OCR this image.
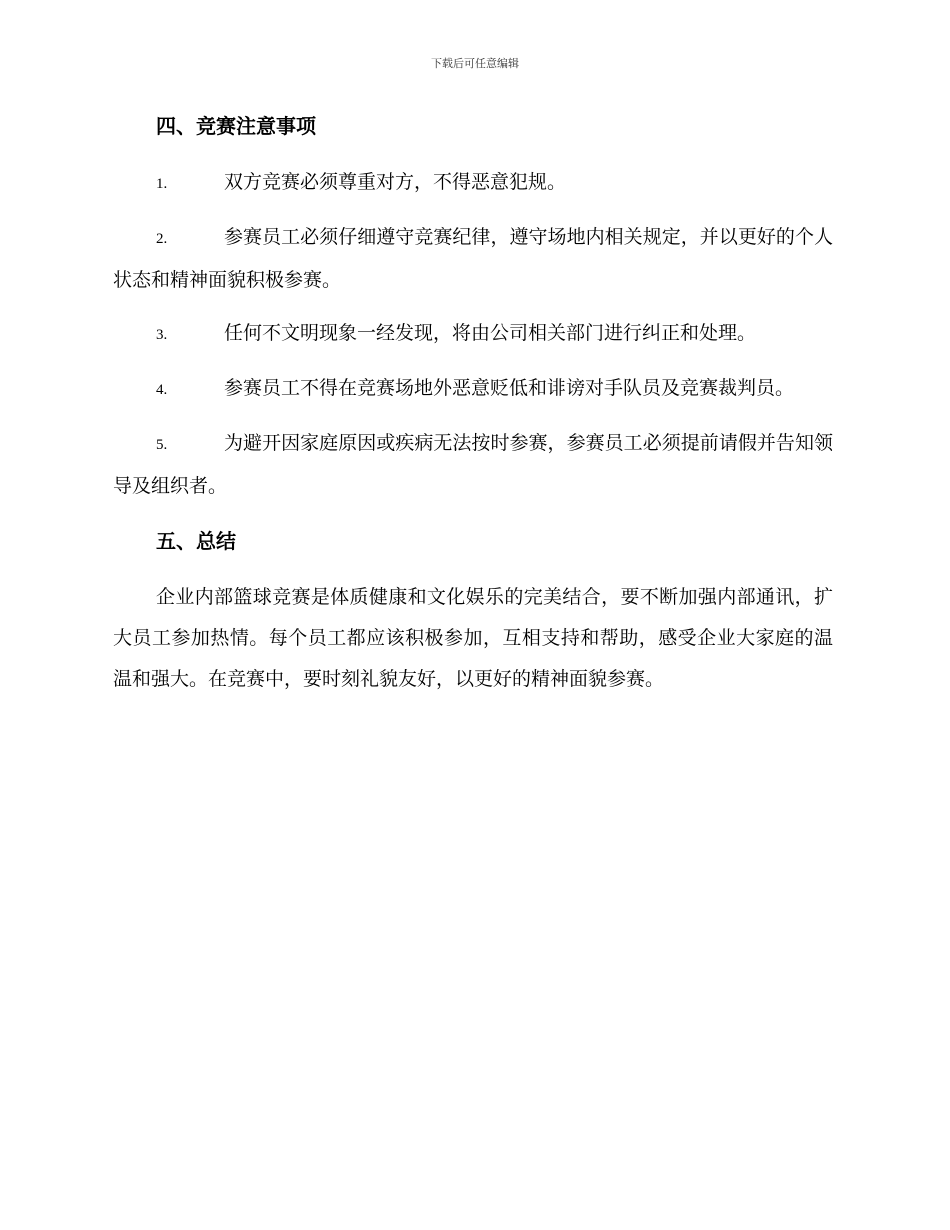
下载后可任意编辑
四、竞赛注意事项
1.	双方竞赛必须尊重对方，不得恶意犯规。
2.	参赛员工必须仔细遵守竞赛纪律，遵守场地内相关规定，并以更好的个人状态和精神面貌积极参赛。
3.	任何不文明现象一经发现，将由公司相关部门进行纠正和处理。
4.	参赛员工不得在竞赛场地外恶意贬低和诽谤对手队员及竞赛裁判员。
5.	为避开因家庭原因或疾病无法按时参赛，参赛员工必须提前请假并告知领导及组织者。
五、总结

企业内部篮球竞赛是体质健康和文化娱乐的完美结合，要不断加强内部通讯，扩大员工参加热情。每个员工都应该积极参加，互相支持和帮助，感受企业大家庭的温温和强大。在竞赛中，要时刻礼貌友好，以更好的精神面貌参赛。
